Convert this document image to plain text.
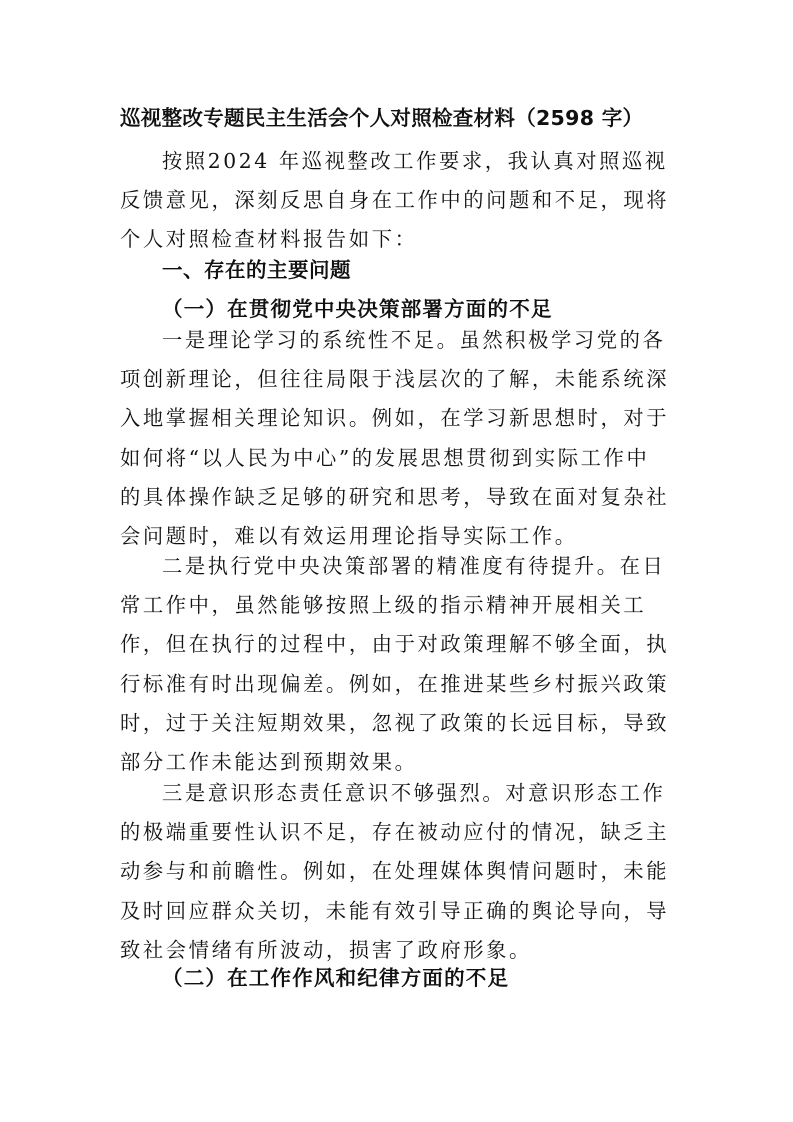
巡视整改专题民主生活会个人对照检查材料（2598 字）

按照2024 年巡视整改工作要求，我认真对照巡视反馈意见，深刻反思自身在工作中的问题和不足，现将个人对照检查材料报告如下：

一、存在的主要问题
（一）在贯彻党中央决策部署方面的不足

一是理论学习的系统性不足。虽然积极学习党的各项创新理论，但往往局限于浅层次的了解，未能系统深入地掌握相关理论知识。例如，在学习新思想时，对于如何将“以人民为中心”的发展思想贯彻到实际工作中的具体操作缺乏足够的研究和思考，导致在面对复杂社会问题时，难以有效运用理论指导实际工作。

二是执行党中央决策部署的精准度有待提升。在日常工作中，虽然能够按照上级的指示精神开展相关工作，但在执行的过程中，由于对政策理解不够全面，执行标准有时出现偏差。例如，在推进某些乡村振兴政策时，过于关注短期效果，忽视了政策的长远目标，导致部分工作未能达到预期效果。

三是意识形态责任意识不够强烈。对意识形态工作的极端重要性认识不足，存在被动应付的情况，缺乏主动参与和前瞻性。例如，在处理媒体舆情问题时，未能及时回应群众关切，未能有效引导正确的舆论导向，导致社会情绪有所波动，损害了政府形象。

（二）在工作作风和纪律方面的不足
